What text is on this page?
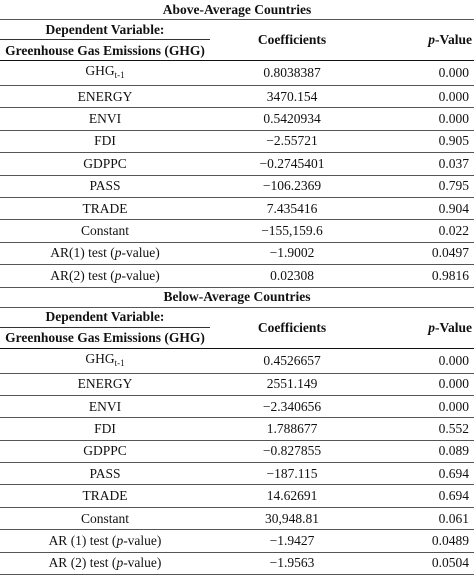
Above-Average Countries		
Dependent Variable:	Coefficients	p-Value
Greenhouse Gas Emissions (GHG)		
$GHG_{t-1}$	0.8038387	0.000
ENERGY	3470.154	0.000
ENVI	0.5420934	0.000
FDI	−2.55721	0.905
GDPPC	−0.2745401	0.037
PASS	−106.2369	0.795
TRADE	7.435416	0.904
Constant	−155,159.6	0.022
AR(1) test (p-value)	−1.9002	0.0497
AR(2) test (p-value)	0.02308	0.9816
Below-Average Countries		
Dependent Variable:	Coefficients	p-Value
Greenhouse Gas Emissions (GHG)		
$GHG_{t-1}$	0.4526657	0.000
ENERGY	2551.149	0.000
ENVI	−2.340656	0.000
FDI	1.788677	0.552
GDPPC	−0.827855	0.089
PASS	−187.115	0.694
TRADE	14.62691	0.694
Constant	30,948.81	0.061
AR (1) test (p-value)	−1.9427	0.0489
AR (2) test (p-value)	−1.9563	0.0504
